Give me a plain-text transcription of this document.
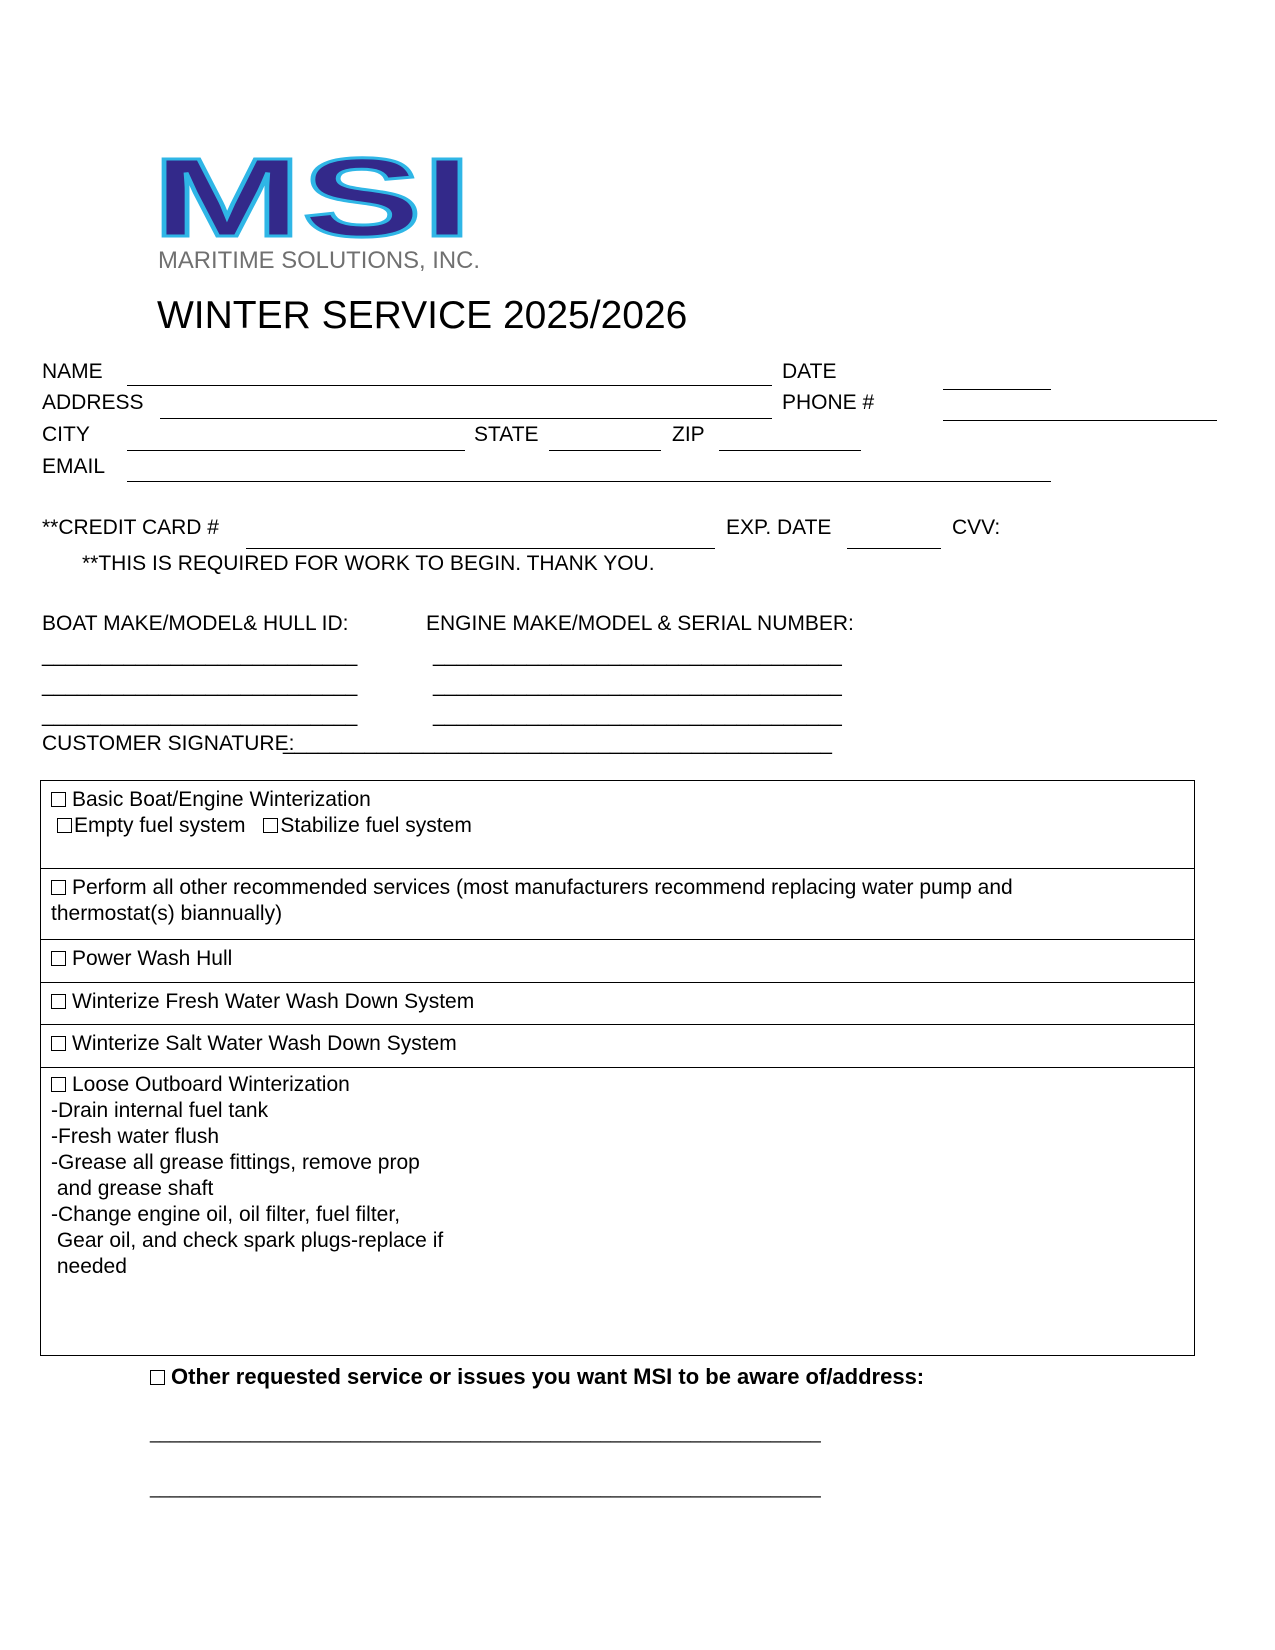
MSI
MARITIME SOLUTIONS, INC.
WINTER SERVICE 2025/2026
NAME	DATE
ADDRESS	PHONE #
CITY	STATE	ZIP
EMAIL
**CREDIT CARD #	EXP. DATE	CVV:
**THIS IS REQUIRED FOR WORK TO BEGIN. THANK YOU.
BOAT MAKE/MODEL& HULL ID:	ENGINE MAKE/MODEL & SERIAL NUMBER:
___________________________	___________________________________
___________________________	___________________________________
___________________________	___________________________________
CUSTOMER SIGNATURE:
_______________________________________________
Basic Boat/Engine Winterization
Empty fuel system Stabilize fuel system
Perform all other recommended services (most manufacturers recommend replacing water pump and
thermostat(s) biannually)
Power Wash Hull
Winterize Fresh Water Wash Down System
Winterize Salt Water Wash Down System
Loose Outboard Winterization
-Drain internal fuel tank
-Fresh water flush
-Grease all grease fittings, remove prop
and grease shaft
-Change engine oil, oil filter, fuel filter,
Gear oil, and check spark plugs-replace if
needed
Other requested service or issues you want MSI to be aware of/address:
___________________________________________________________________
___________________________________________________________________
